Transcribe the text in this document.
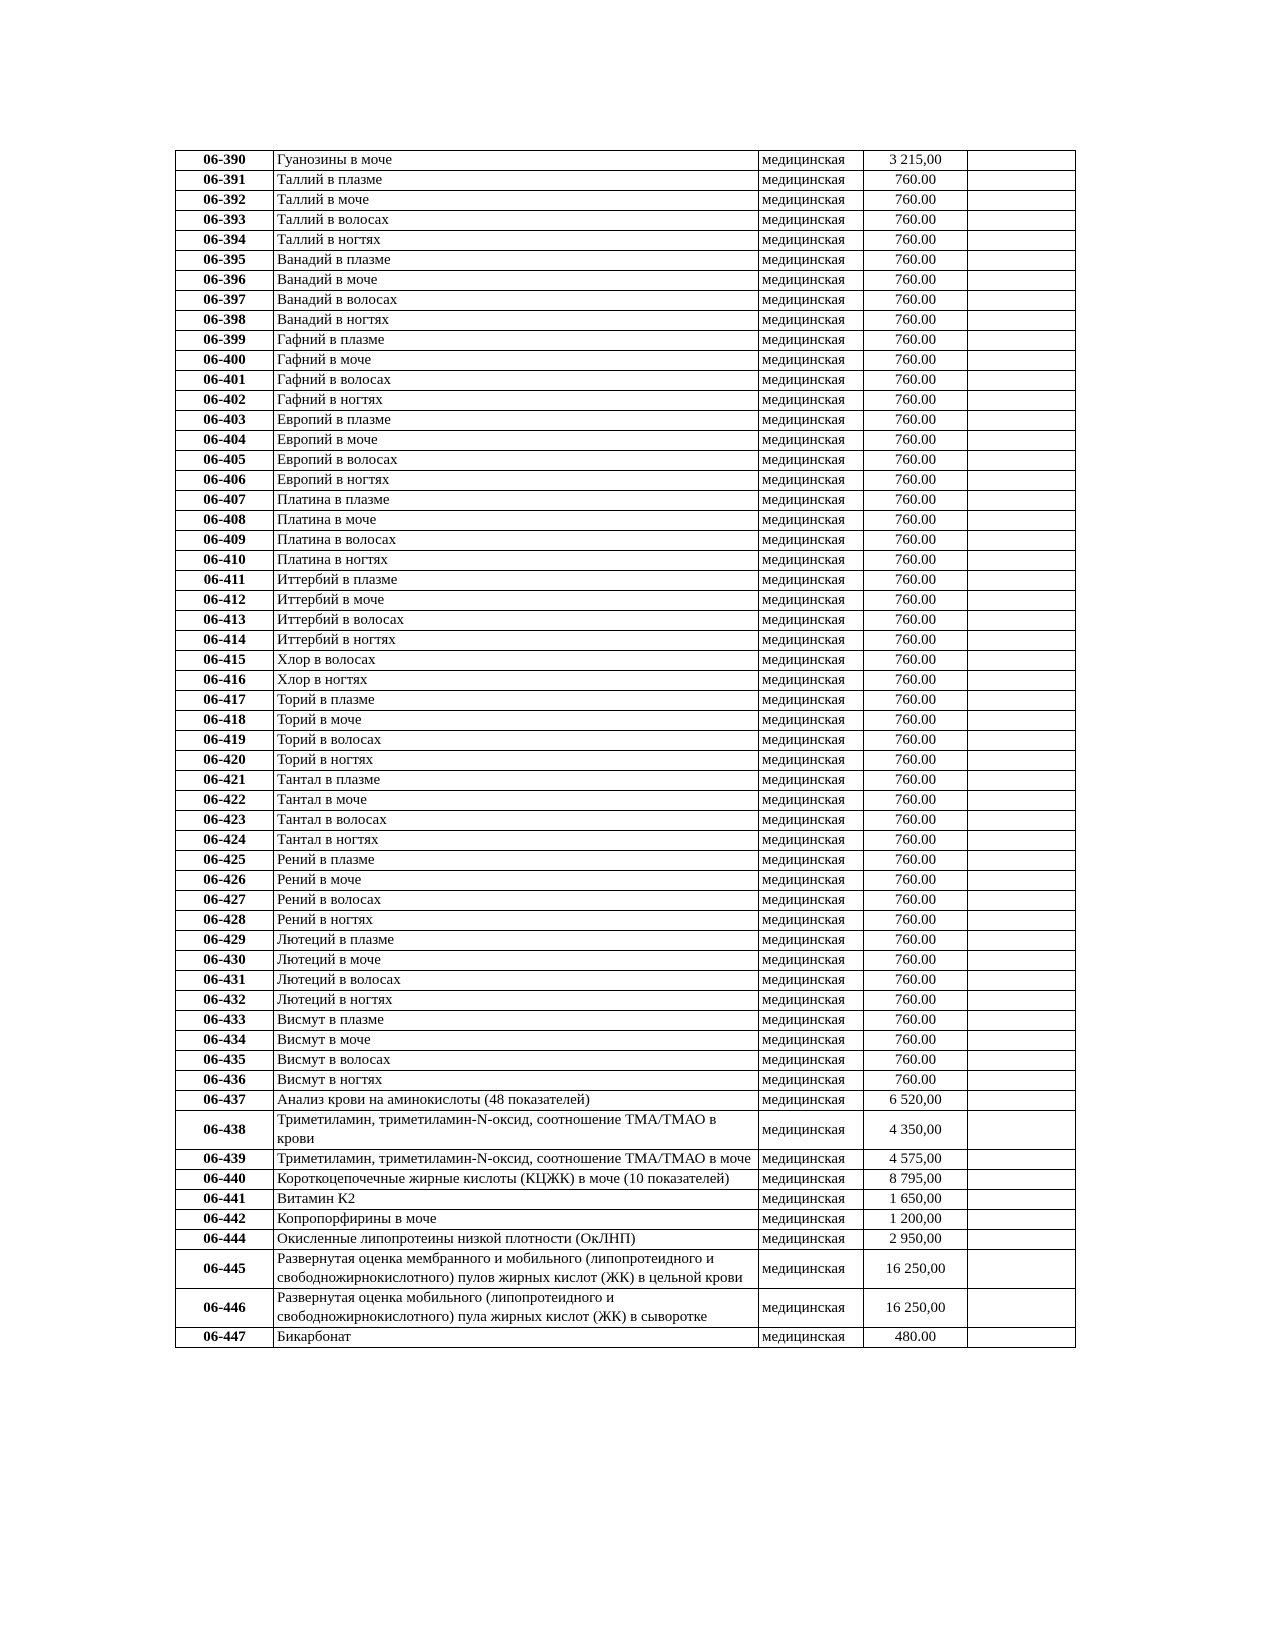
06-390	Гуанозины в моче	медицинская	3 215,00	
06-391	Таллий в плазме	медицинская	760.00	
06-392	Таллий в моче	медицинская	760.00	
06-393	Таллий в волосах	медицинская	760.00	
06-394	Таллий в ногтях	медицинская	760.00	
06-395	Ванадий в плазме	медицинская	760.00	
06-396	Ванадий в моче	медицинская	760.00	
06-397	Ванадий в волосах	медицинская	760.00	
06-398	Ванадий в ногтях	медицинская	760.00	
06-399	Гафний в плазме	медицинская	760.00	
06-400	Гафний в моче	медицинская	760.00	
06-401	Гафний в волосах	медицинская	760.00	
06-402	Гафний в ногтях	медицинская	760.00	
06-403	Европий в плазме	медицинская	760.00	
06-404	Европий в моче	медицинская	760.00	
06-405	Европий в волосах	медицинская	760.00	
06-406	Европий в ногтях	медицинская	760.00	
06-407	Платина в плазме	медицинская	760.00	
06-408	Платина в моче	медицинская	760.00	
06-409	Платина в волосах	медицинская	760.00	
06-410	Платина в ногтях	медицинская	760.00	
06-411	Иттербий в плазме	медицинская	760.00	
06-412	Иттербий в моче	медицинская	760.00	
06-413	Иттербий в волосах	медицинская	760.00	
06-414	Иттербий в ногтях	медицинская	760.00	
06-415	Хлор в волосах	медицинская	760.00	
06-416	Хлор в ногтях	медицинская	760.00	
06-417	Торий в плазме	медицинская	760.00	
06-418	Торий в моче	медицинская	760.00	
06-419	Торий в волосах	медицинская	760.00	
06-420	Торий в ногтях	медицинская	760.00	
06-421	Тантал в плазме	медицинская	760.00	
06-422	Тантал в моче	медицинская	760.00	
06-423	Тантал в волосах	медицинская	760.00	
06-424	Тантал в ногтях	медицинская	760.00	
06-425	Рений в плазме	медицинская	760.00	
06-426	Рений в моче	медицинская	760.00	
06-427	Рений в волосах	медицинская	760.00	
06-428	Рений в ногтях	медицинская	760.00	
06-429	Лютеций в плазме	медицинская	760.00	
06-430	Лютеций в моче	медицинская	760.00	
06-431	Лютеций в волосах	медицинская	760.00	
06-432	Лютеций в ногтях	медицинская	760.00	
06-433	Висмут в плазме	медицинская	760.00	
06-434	Висмут в моче	медицинская	760.00	
06-435	Висмут в волосах	медицинская	760.00	
06-436	Висмут в ногтях	медицинская	760.00	
06-437	Анализ крови на аминокислоты (48 показателей)	медицинская	6 520,00	
06-438	Триметиламин, триметиламин-N-оксид, соотношение ТМА/ТМАО в крови	медицинская	4 350,00	
06-439	Триметиламин, триметиламин-N-оксид, соотношение ТМА/ТМАО в моче	медицинская	4 575,00	
06-440	Короткоцепочечные жирные кислоты (КЦЖК) в моче (10 показателей)	медицинская	8 795,00	
06-441	Витамин К2	медицинская	1 650,00	
06-442	Копропорфирины в моче	медицинская	1 200,00	
06-444	Окисленные липопротеины низкой плотности (ОкЛНП)	медицинская	2 950,00	
06-445	Развернутая оценка мембранного и мобильного (липопротеидного и свободножирнокислотного) пулов жирных кислот (ЖК) в цельной крови	медицинская	16 250,00	
06-446	Развернутая оценка мобильного (липопротеидного и свободножирнокислотного) пула жирных кислот (ЖК) в сыворотке	медицинская	16 250,00	
06-447	Бикарбонат	медицинская	480.00	
